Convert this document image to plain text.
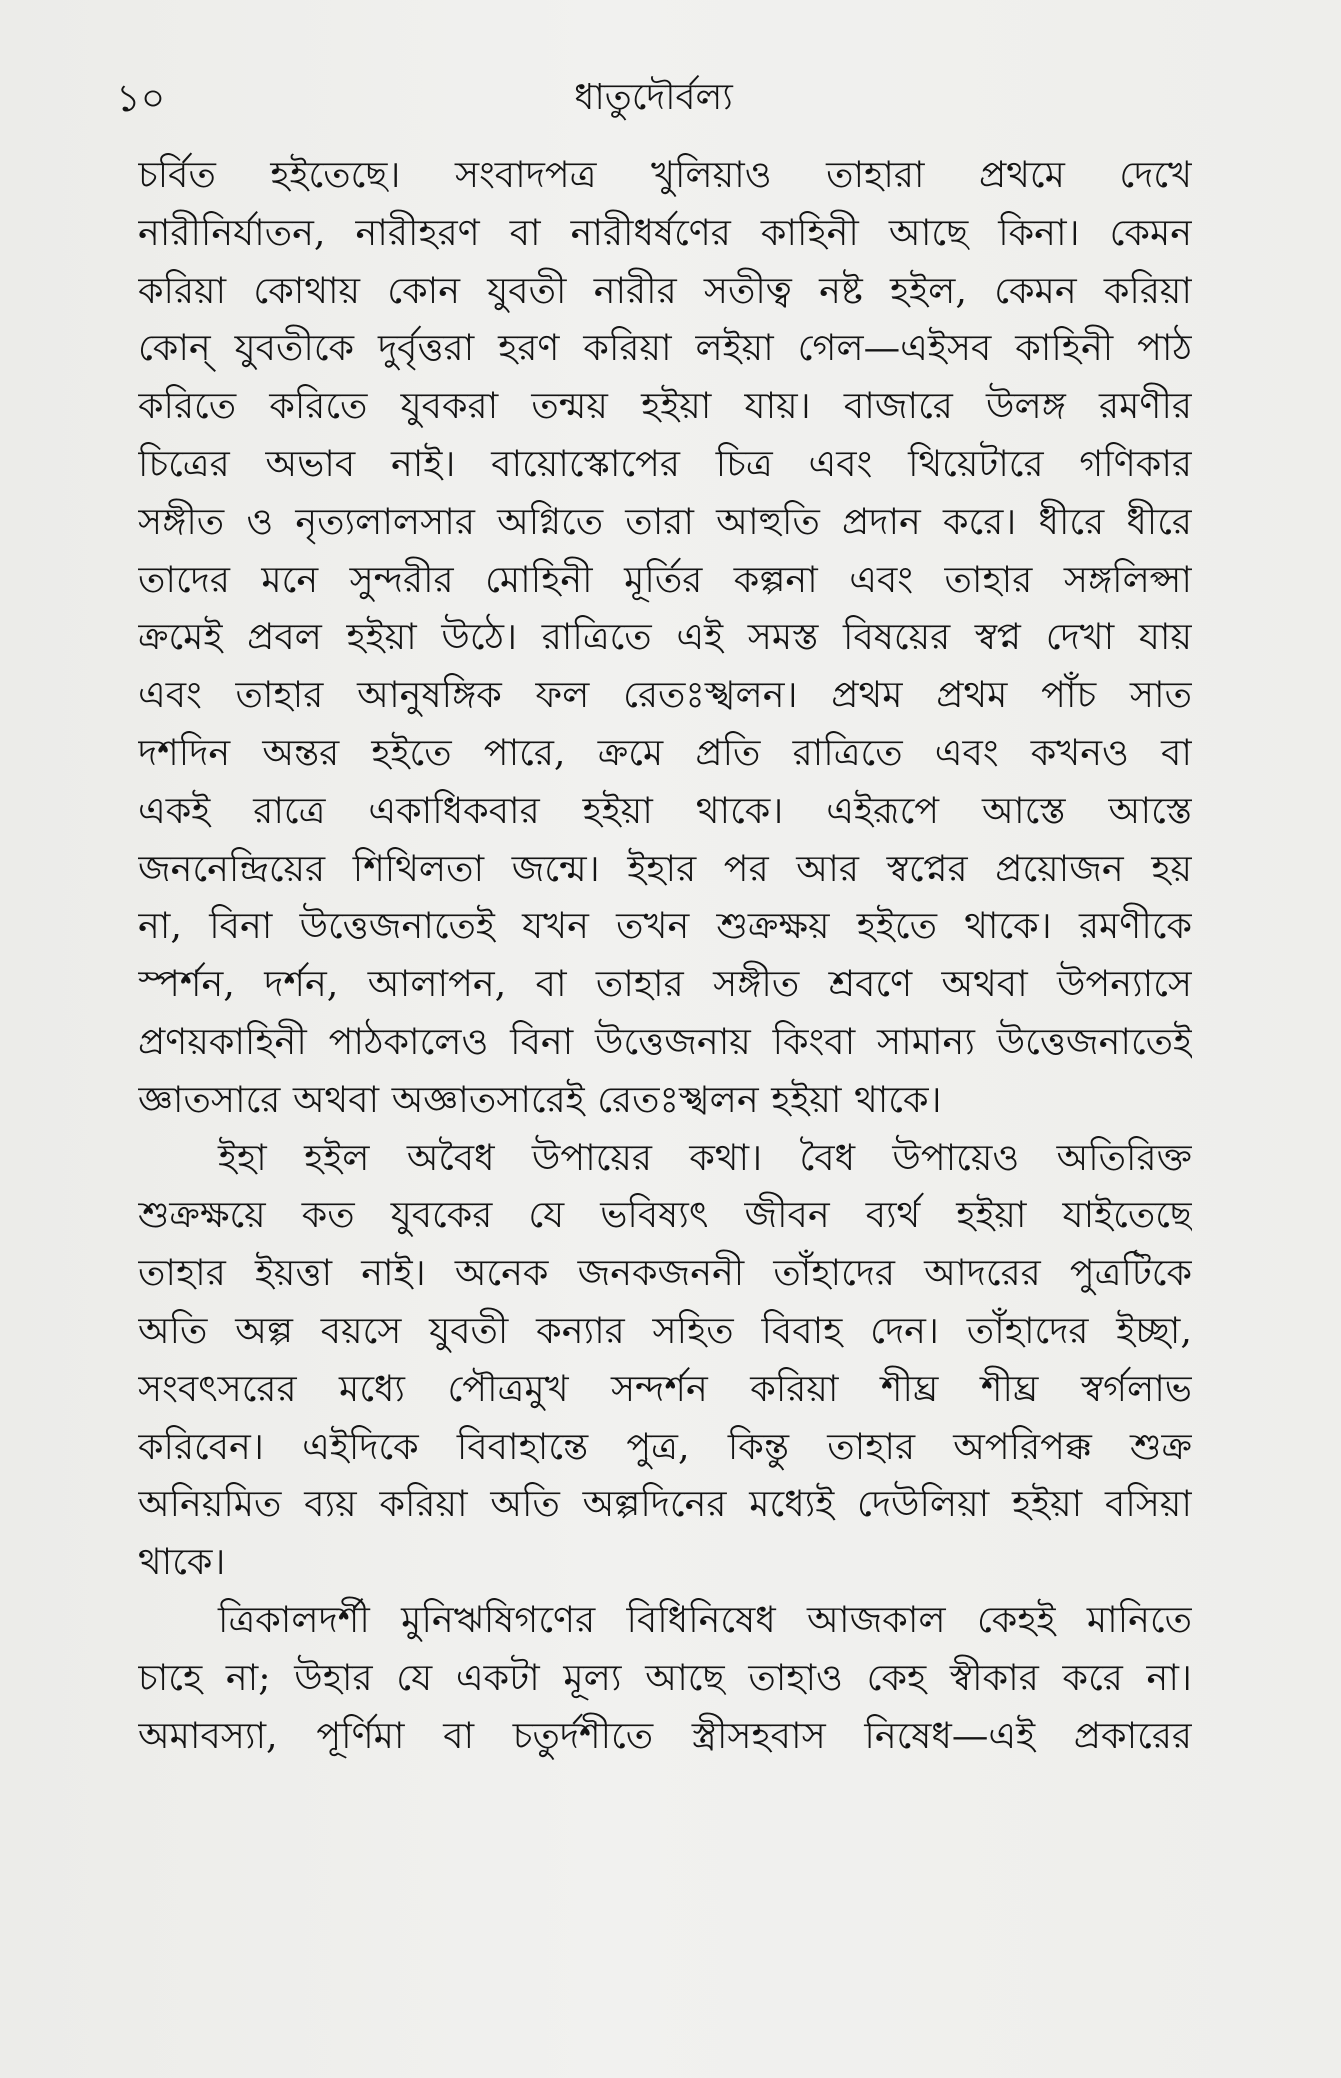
১০	ধাতুদৌর্বল্য
চর্বিত হইতেছে। সংবাদপত্র খুলিয়াও তাহারা প্রথমে দেখে
নারীনির্যাতন, নারীহরণ বা নারীধর্ষণের কাহিনী আছে কিনা। কেমন
করিয়া কোথায় কোন যুবতী নারীর সতীত্ব নষ্ট হইল, কেমন করিয়া
কোন্ যুবতীকে দুর্বৃত্তরা হরণ করিয়া লইয়া গেল—এইসব কাহিনী পাঠ
করিতে করিতে যুবকরা তন্ময় হইয়া যায়। বাজারে উলঙ্গ রমণীর
চিত্রের অভাব নাই। বায়োস্কোপের চিত্র এবং থিয়েটারে গণিকার
সঙ্গীত ও নৃত্যলালসার অগ্নিতে তারা আহুতি প্রদান করে। ধীরে ধীরে
তাদের মনে সুন্দরীর মোহিনী মূর্তির কল্পনা এবং তাহার সঙ্গলিপ্সা
ক্রমেই প্রবল হইয়া উঠে। রাত্রিতে এই সমস্ত বিষয়ের স্বপ্ন দেখা যায়
এবং তাহার আনুষঙ্গিক ফল রেতঃস্খলন। প্রথম প্রথম পাঁচ সাত
দশদিন অন্তর হইতে পারে, ক্রমে প্রতি রাত্রিতে এবং কখনও বা
একই রাত্রে একাধিকবার হইয়া থাকে। এইরূপে আস্তে আস্তে
জননেন্দ্রিয়ের শিথিলতা জন্মে। ইহার পর আর স্বপ্নের প্রয়োজন হয়
না, বিনা উত্তেজনাতেই যখন তখন শুক্রক্ষয় হইতে থাকে। রমণীকে
স্পর্শন, দর্শন, আলাপন, বা তাহার সঙ্গীত শ্রবণে অথবা উপন্যাসে
প্রণয়কাহিনী পাঠকালেও বিনা উত্তেজনায় কিংবা সামান্য উত্তেজনাতেই
জ্ঞাতসারে অথবা অজ্ঞাতসারেই রেতঃস্খলন হইয়া থাকে।
ইহা হইল অবৈধ উপায়ের কথা। বৈধ উপায়েও অতিরিক্ত
শুক্রক্ষয়ে কত যুবকের যে ভবিষ্যৎ জীবন ব্যর্থ হইয়া যাইতেছে
তাহার ইয়ত্তা নাই। অনেক জনকজননী তাঁহাদের আদরের পুত্রটিকে
অতি অল্প বয়সে যুবতী কন্যার সহিত বিবাহ দেন। তাঁহাদের ইচ্ছা,
সংবৎসরের মধ্যে পৌত্রমুখ সন্দর্শন করিয়া শীঘ্র শীঘ্র স্বর্গলাভ
করিবেন। এইদিকে বিবাহান্তে পুত্র, কিন্তু তাহার অপরিপক্ক শুক্র
অনিয়মিত ব্যয় করিয়া অতি অল্পদিনের মধ্যেই দেউলিয়া হইয়া বসিয়া
থাকে।
ত্রিকালদর্শী মুনিঋষিগণের বিধিনিষেধ আজকাল কেহই মানিতে
চাহে না; উহার যে একটা মূল্য আছে তাহাও কেহ স্বীকার করে না।
অমাবস্যা, পূর্ণিমা বা চতুর্দশীতে স্ত্রীসহবাস নিষেধ—এই প্রকারের
